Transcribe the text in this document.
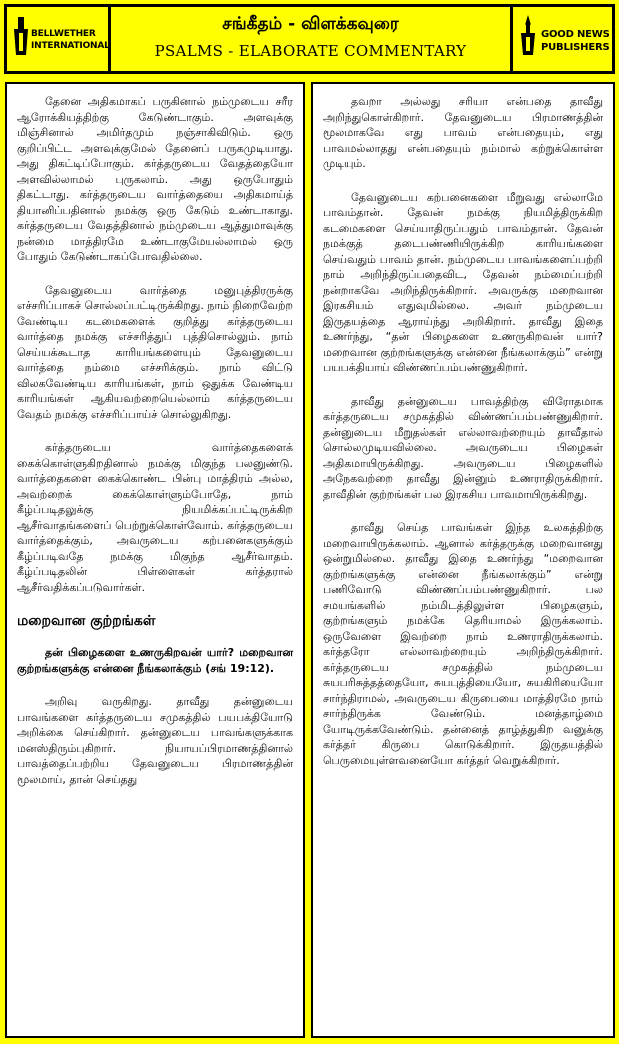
BELLWETHER
INTERNATIONAL
சங்கீதம் - விளக்கவுரை
PSALMS - ELABORATE COMMENTARY
GOOD NEWS
PUBLISHERS

தேனை அதிகமாகப் பருகினால் நம்முடைய சரீர ஆரோக்கியத்திற்கு கேடுண்டாகும். அளவுக்கு மிஞ்சினால் அமிர்தமும் நஞ்சாகிவிடும். ஒரு குறிப்பிட்ட அளவுக்குமேல் தேனைப் பருகமுடியாது. அது திகட்டிப்போகும். கர்த்தருடைய வேதத்தையோ அளவில்லாமல் புருகலாம். அது ஒருபோதும் திகட்டாது. கர்த்தருடைய வார்த்தையை அதிகமாய்த் தியானிப்பதினால் நமக்கு ஒரு கேடும் உண்டாகாது. கர்த்தருடைய வேதத்தினால் நம்முடைய ஆத்துமாவுக்கு நன்மை மாத்திரமே உண்டாகுமேயல்லாமல் ஒரு போதும் கேடுண்டாகப்போவதில்லை.

தேவனுடைய வார்த்தை மனுபுத்திரருக்கு எச்சரிப்பாகச் சொல்லப்பட்டிருக்கிறது. நாம் நிறைவேற்ற வேண்டிய கடமைகளைக் குறித்து கர்த்தருடைய வார்த்தை நமக்கு எச்சரித்துப் புத்திசொல்லும். நாம் செய்யக்கூடாத காரியங்களையும் தேவனுடைய வார்த்தை நம்மை எச்சரிக்கும். நாம் விட்டு விலகவேண்டிய காரியங்கள், நாம் ஒதுக்க வேண்டிய காரியங்கள் ஆகியவற்றையெல்லாம் கர்த்தருடைய வேதம் நமக்கு எச்சரிப்பாய்ச் சொல்லுகிறது.

கர்த்தருடைய வார்த்தைகளைக் கைக்கொள்ளுகிறதினால் நமக்கு மிகுந்த பலனுண்டு. வார்த்தைகளை கைக்கொண்ட பின்பு மாத்திரம் அல்ல, அவற்றைக் கைக்கொள்ளும்போதே, நாம் கீழ்ப்படிதலுக்கு நியமிக்கப்பட்டிருக்கிற ஆசீர்வாதங்களைப் பெற்றுக்கொள்வோம். கர்த்தருடைய வார்த்தைக்கும், அவருடைய கற்பனைகளுக்கும் கீழ்ப்படிவதே நமக்கு மிகுந்த ஆசீர்வாதம். கீழ்ப்படிதலின் பிள்ளைகள் கர்த்தரால் ஆசீர்வதிக்கப்படுவார்கள்.

மறைவான குற்றங்கள்

தன் பிழைகளை உணருகிறவன் யார்? மறைவான குற்றங்களுக்கு என்னை நீங்கலாக்கும் (சங் 19:12).

அறிவு வருகிறது. தாவீது தன்னுடைய பாவங்களை கர்த்தருடைய சமுகத்தில் பயபக்தியோடு அறிக்கை செய்கிறார். தன்னுடைய பாவங்களுக்காக மனஸ்திரும்புகிறார். நியாயப்பிரமாணத்தினால் பாவத்தைப்பற்றிய தேவனுடைய பிரமாணத்தின் மூலமாய், தான் செய்தது

தவறா அல்லது சரியா என்பதை தாவீது அறிந்துகொள்கிறார். தேவனுடைய பிரமாணத்தின் மூலமாகவே எது பாவம் என்பதையும், எது பாவமல்லாதது என்பதையும் நம்மால் கற்றுக்கொள்ள முடியும்.

தேவனுடைய கற்பனைகளை மீறுவது எல்லாமே பாவம்தான். தேவன் நமக்கு நியமித்திருக்கிற கடமைகளை செய்யாதிருப்பதும் பாவம்தான். தேவன் நமக்குத் தடைபண்ணியிருக்கிற காரியங்களை செய்வதும் பாவம் தான். நம்முடைய பாவங்களைப்பற்றி நாம் அறிந்திருப்பதைவிட, தேவன் நம்மைப்பற்றி நன்றாகவே அறிந்திருக்கிறார். அவருக்கு மறைவான இரகசியம் எதுவுமில்லை. அவர் நம்முடைய இருதயத்தை ஆராய்ந்து அறிகிறார். தாவீது இதை உணர்ந்து, “தன் பிழைகளை உணருகிறவன் யார்? மறைவான குற்றங்களுக்கு என்னை நீங்கலாக்கும்” என்று பயபக்தியாய் விண்ணப்பம்பண்ணுகிறார்.

தாவீது தன்னுடைய பாவத்திற்கு விரோதமாக கர்த்தருடைய சமுகத்தில் விண்ணப்பம்பண்ணுகிறார். தன்னுடைய மீறுதல்கள் எல்லாவற்றையும் தாவீதால் சொல்லமுடியவில்லை. அவருடைய பிழைகள் அதிகமாயிருக்கிறது. அவருடைய பிழைகளில் அநேகவற்றை தாவீது இன்னும் உணராதிருக்கிறார். தாவீதின் குற்றங்கள் பல இரகசிய பாவமாயிருக்கிறது.

தாவீது செய்த பாவங்கள் இந்த உலகத்திற்கு மறைவாயிருக்கலாம். ஆனால் கர்த்தருக்கு மறைவானது ஒன்றுமில்லை. தாவீது இதை உணர்ந்து “மறைவான குற்றங்களுக்கு என்னை நீங்கலாக்கும்” என்று பணிவோடு விண்ணப்பம்பண்ணுகிறார். பல சமயங்களில் நம்மிடத்திலுள்ள பிழைகளும், குற்றங்களும் நமக்கே தெரியாமல் இருக்கலாம். ஒருவேளை இவற்றை நாம் உணராதிருக்கலாம். கர்த்தரோ எல்லாவற்றையும் அறிந்திருக்கிறார். கர்த்தருடைய சமுகத்தில் நம்முடைய சுயபரிசுத்தத்தையோ, சுயபுத்தியையோ, சுயகிரியையோ சார்ந்திராமல், அவருடைய கிருபையை மாத்திரமே நாம் சார்ந்திருக்க வேண்டும். மனத்தாழ்மை யோடிருக்கவேண்டும். தன்னைத் தாழ்த்துகிற வனுக்கு கர்த்தர் கிருபை கொடுக்கிறார். இருதயத்தில் பெருமையுள்ளவனையோ கர்த்தர் வெறுக்கிறார்.
